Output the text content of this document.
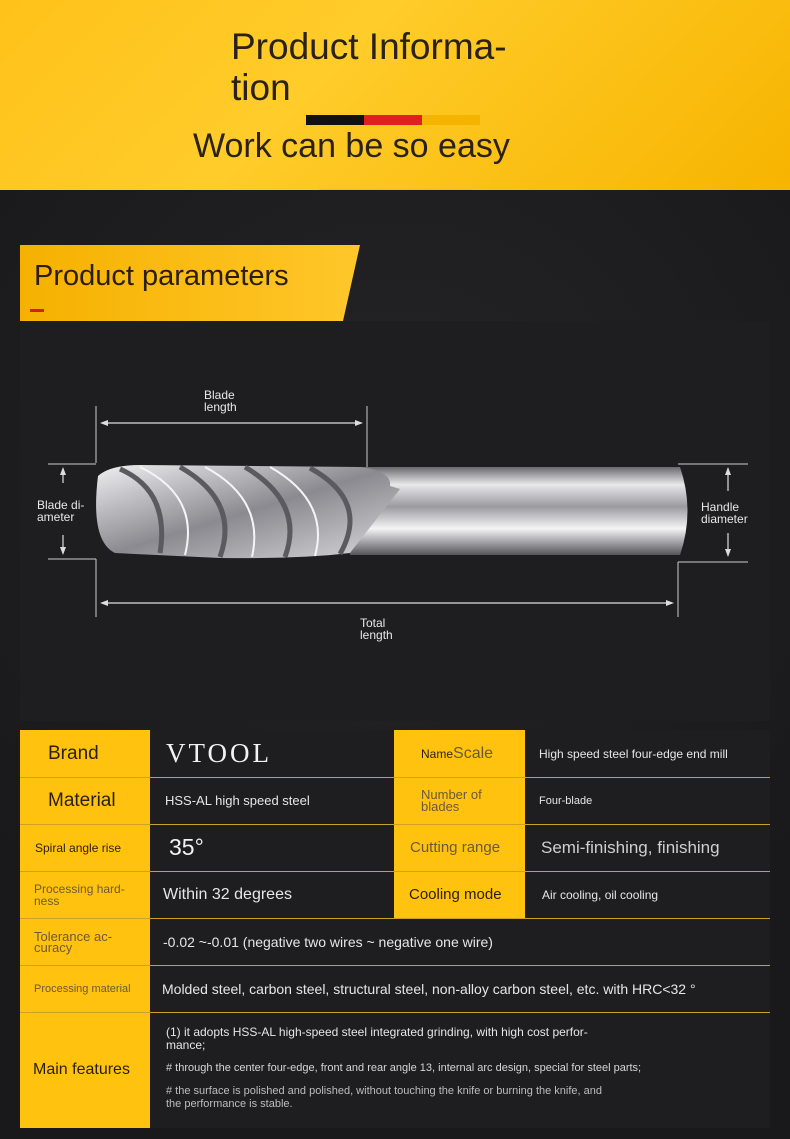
Product Informa-
tion
Work can be so easy
Product parameters
Blade
length
Blade di-
ameter
Handle
diameter
Total
length
Brand	VTOOL	Name Scale	High speed steel four-edge end mill
Material	HSS-AL high speed steel	Number of
blades	Four-blade
Spiral angle rise	35°	Cutting range	Semi-finishing, finishing
Processing hard-
ness	Within 32 degrees	Cooling mode	Air cooling, oil cooling
Tolerance ac-
curacy	-0.02 ~-0.01 (negative two wires ~ negative one wire)
Processing material	Molded steel, carbon steel, structural steel, non-alloy carbon steel, etc. with HRC<32 °
Main features
(1) it adopts HSS-AL high-speed steel integrated grinding, with high cost perfor-
mance;
# through the center four-edge, front and rear angle 13, internal arc design, special for steel parts;
# the surface is polished and polished, without touching the knife or burning the knife, and
the performance is stable.
